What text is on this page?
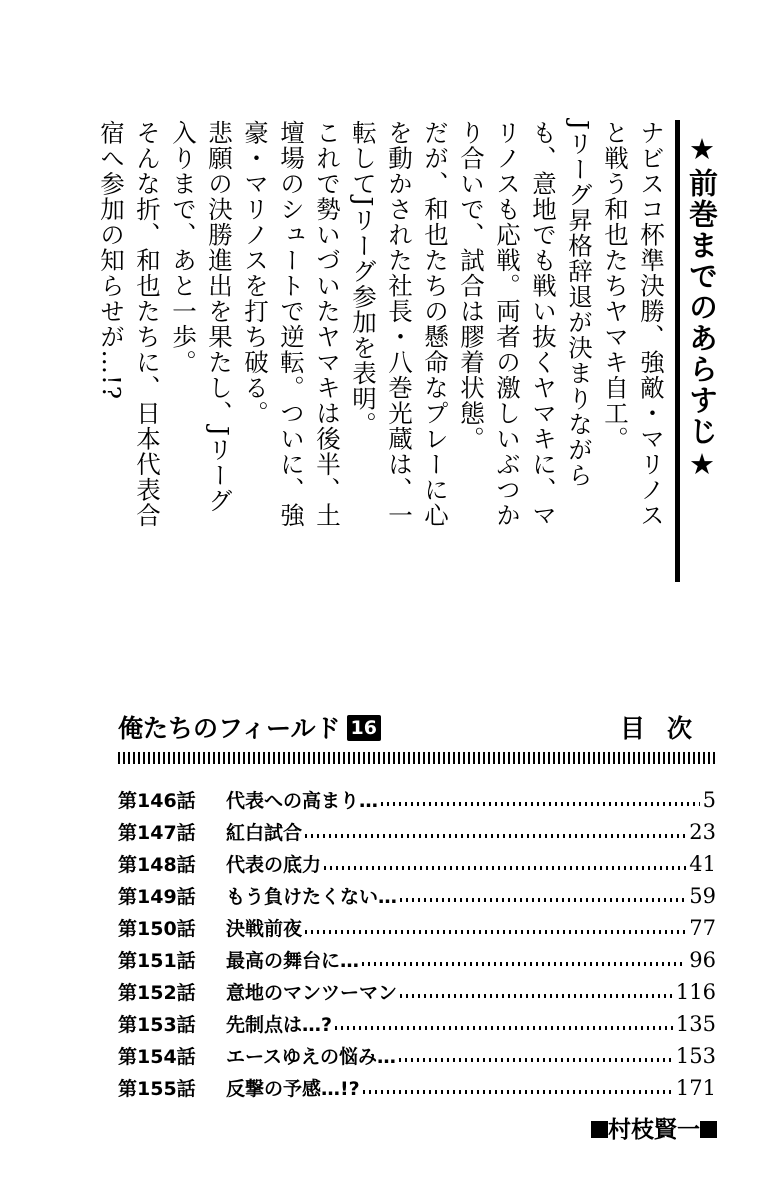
★前巻までのあらすじ★

ナビスコ杯準決勝、強敵・マリノスと戦う和也たちヤマキ自工。

Jリーグ昇格辞退が決まりながらも、意地でも戦い抜くヤマキに、マリノスも応戦。両者の激しいぶつかり合いで、試合は膠着状態。

だが、和也たちの懸命なプレーに心を動かされた社長・八巻光蔵は、一転してJリーグ参加を表明。

これで勢いづいたヤマキは後半、土壇場のシュートで逆転。ついに、強豪・マリノスを打ち破る。

悲願の決勝進出を果たし、Jリーグ入りまで、あと一歩。

そんな折、和也たちに、日本代表合宿へ参加の知らせが…!?

俺たちのフィールド 16	目次
第146話	代表への高まり…	5
第147話	紅白試合	23
第148話	代表の底力	41
第149話	もう負けたくない…	59
第150話	決戦前夜	77
第151話	最高の舞台に…	96
第152話	意地のマンツーマン	116
第153話	先制点は…?	135
第154話	エースゆえの悩み…	153
第155話	反撃の予感…!?	171
村枝賢一
